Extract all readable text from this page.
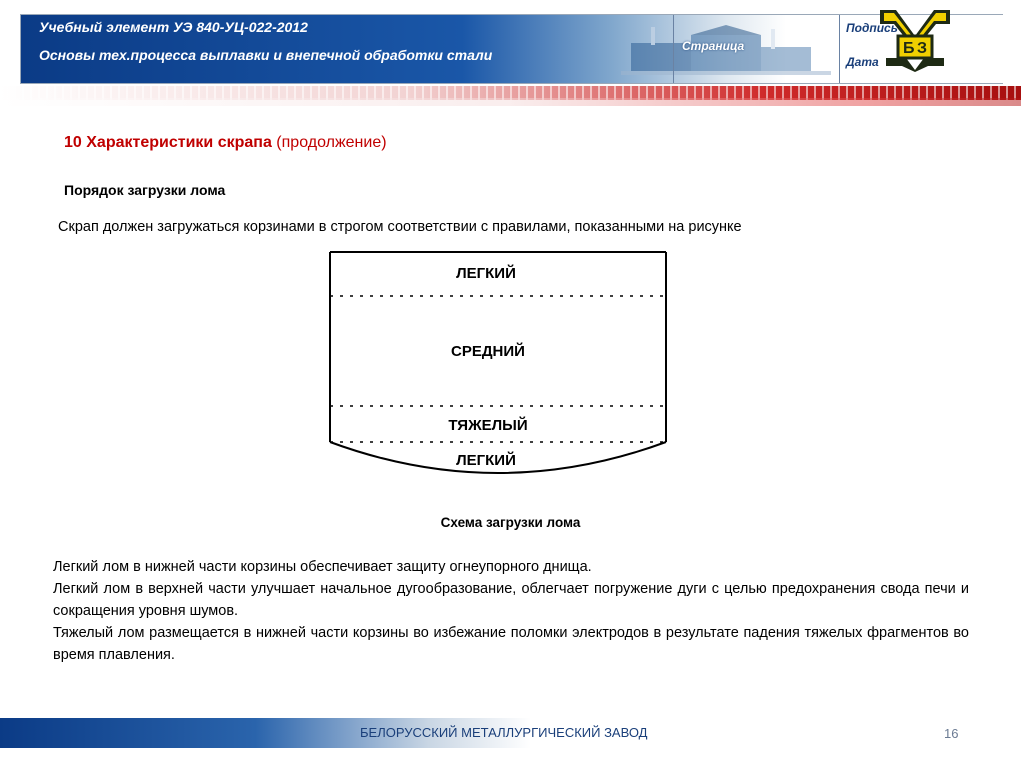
Учебный элемент УЭ 840-УЦ-022-2012
Основы тех.процесса выплавки и внепечной обработки стали
Страница
Подпись
Дата
Б З
10 Характеристики скрапа (продолжение)
Порядок загрузки лома
Скрап должен загружаться корзинами в строгом соответствии с правилами, показанными на рисунке
ЛЕГКИЙ
СРЕДНИЙ
ТЯЖЕЛЫЙ
ЛЕГКИЙ
Схема загрузки лома

Легкий лом в нижней части корзины обеспечивает защиту огнеупорного днища.

Легкий лом в верхней части улучшает начальное дугообразование, облегчает погружение дуги с целью предохранения свода печи и сокращения уровня шумов.

Тяжелый лом размещается в нижней части корзины во избежание поломки электродов в результате падения тяжелых фрагментов во время плавления.

БЕЛОРУССКИЙ МЕТАЛЛУРГИЧЕСКИЙ ЗАВОД	16
